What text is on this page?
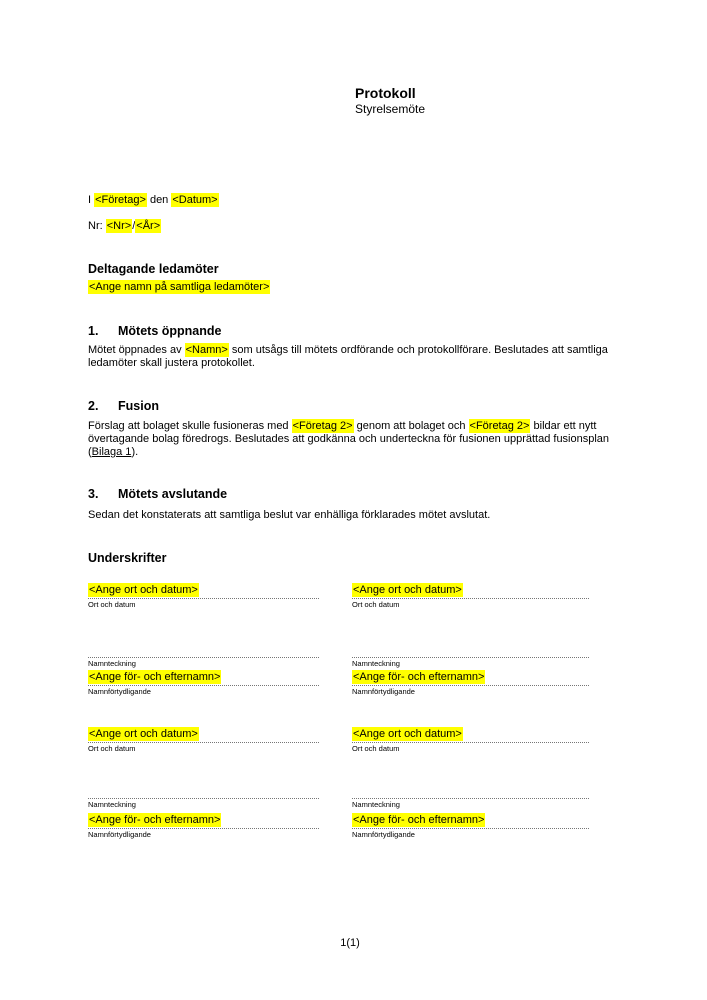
Protokoll
Styrelsemöte

I <Företag> den <Datum>

Nr: <Nr>/<År>

Deltagande ledamöter

<Ange namn på samtliga ledamöter>

1. Mötets öppnande

Mötet öppnades av <Namn> som utsågs till mötets ordförande och protokollförare. Beslutades att samtliga ledamöter skall justera protokollet.

2. Fusion

Förslag att bolaget skulle fusioneras med <Företag 2> genom att bolaget och <Företag 2> bildar ett nytt övertagande bolag föredrogs. Beslutades att godkänna och underteckna för fusionen upprättad fusionsplan (Bilaga 1).

3. Mötets avslutande

Sedan det konstaterats att samtliga beslut var enhälliga förklarades mötet avslutat.

Underskrifter
<Ange ort och datum>
Ort och datum
<Ange ort och datum>
Ort och datum
Namnteckning	Namnteckning
<Ange för- och efternamn>
Namnförtydligande
<Ange för- och efternamn>
Namnförtydligande
<Ange ort och datum>
Ort och datum
<Ange ort och datum>
Ort och datum
Namnteckning	Namnteckning
<Ange för- och efternamn>
Namnförtydligande
<Ange för- och efternamn>
Namnförtydligande
1(1)
